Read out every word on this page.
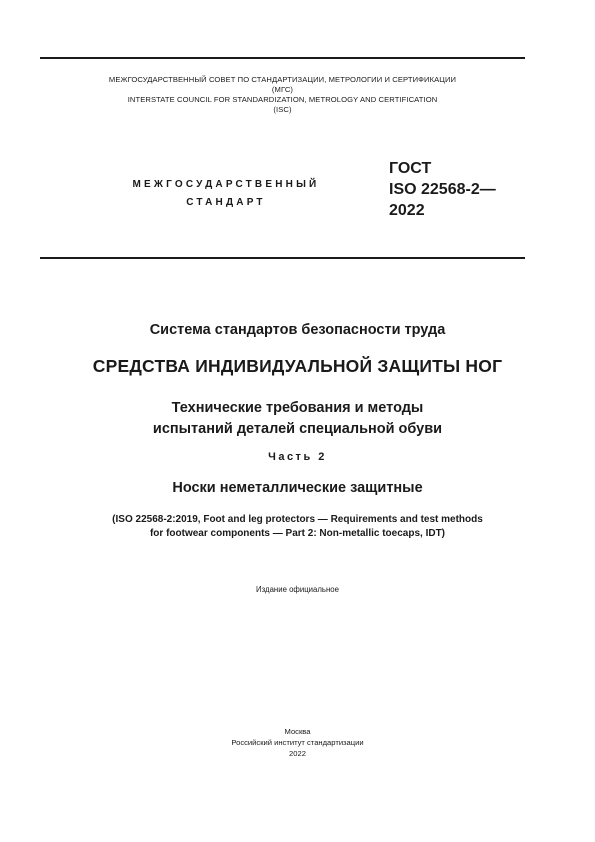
МЕЖГОСУДАРСТВЕННЫЙ СОВЕТ ПО СТАНДАРТИЗАЦИИ, МЕТРОЛОГИИ И СЕРТИФИКАЦИИ
(МГС)
INTERSTATE COUNCIL FOR STANDARDIZATION, METROLOGY AND CERTIFICATION
(ISC)
МЕЖГОСУДАРСТВЕННЫЙ
СТАНДАРТ
ГОСТ
ISO 22568-2—
2022
Система стандартов безопасности труда
СРЕДСТВА ИНДИВИДУАЛЬНОЙ ЗАЩИТЫ НОГ
Технические требования и методы
испытаний деталей специальной обуви
Часть 2
Носки неметаллические защитные
(ISO 22568-2:2019, Foot and leg protectors — Requirements and test methods
for footwear components — Part 2: Non-metallic toecaps, IDT)
Издание официальное
Москва
Российский институт стандартизации
2022
